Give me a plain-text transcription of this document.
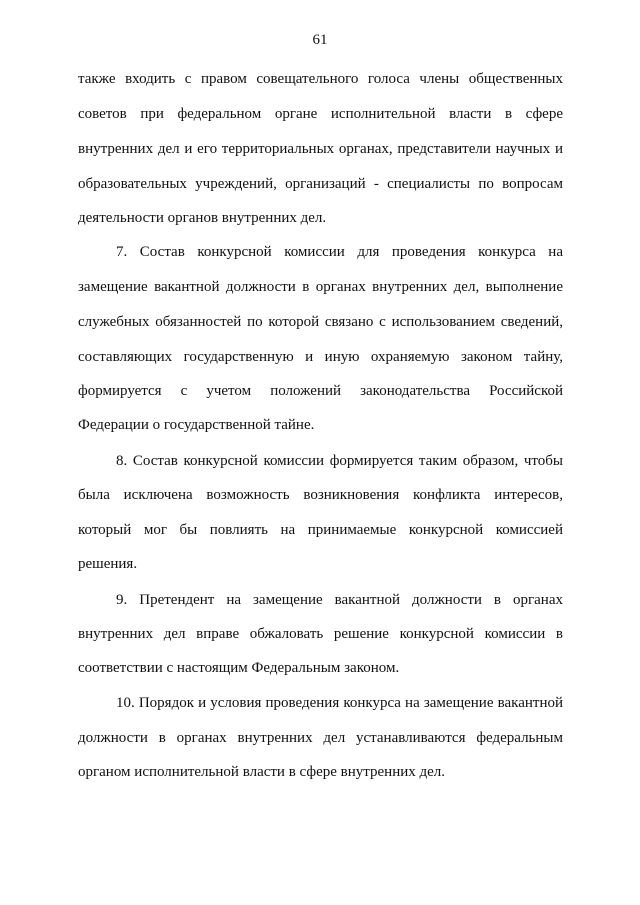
61
также входить с правом совещательного голоса члены общественных
советов при федеральном органе исполнительной власти в сфере
внутренних дел и его территориальных органах, представители научных и
образовательных учреждений, организаций - специалисты по вопросам
деятельности органов внутренних дел.
7. Состав конкурсной комиссии для проведения конкурса на
замещение вакантной должности в органах внутренних дел, выполнение
служебных обязанностей по которой связано с использованием сведений,
составляющих государственную и иную охраняемую законом тайну,
формируется с учетом положений законодательства Российской
Федерации о государственной тайне.
8. Состав конкурсной комиссии формируется таким образом, чтобы
была исключена возможность возникновения конфликта интересов,
который мог бы повлиять на принимаемые конкурсной комиссией
решения.
9. Претендент на замещение вакантной должности в органах
внутренних дел вправе обжаловать решение конкурсной комиссии в
соответствии с настоящим Федеральным законом.
10. Порядок и условия проведения конкурса на замещение вакантной
должности в органах внутренних дел устанавливаются федеральным
органом исполнительной власти в сфере внутренних дел.
